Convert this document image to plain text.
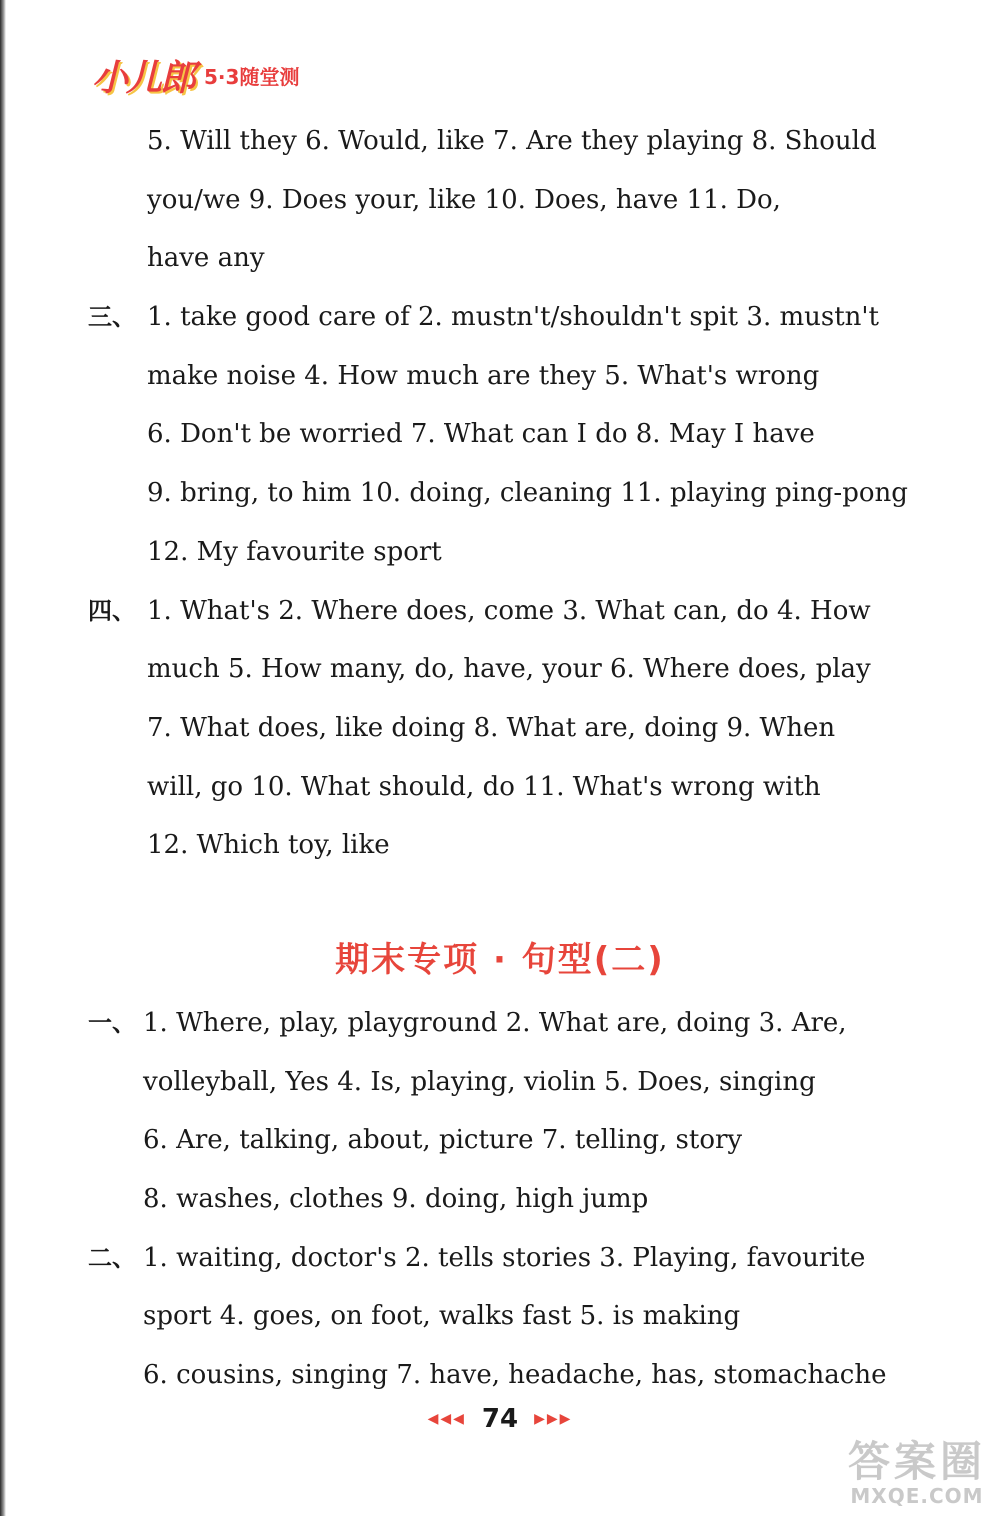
小儿郎 5·3随堂测
5. Will they 6. Would, like 7. Are they playing 8. Should
you/we 9. Does your, like 10. Does, have 11. Do,
have any
三、 1. take good care of 2. mustn't/shouldn't spit 3. mustn't
make noise 4. How much are they 5. What's wrong
6. Don't be worried 7. What can I do 8. May I have
9. bring, to him 10. doing, cleaning 11. playing ping-pong
12. My favourite sport
四、 1. What's 2. Where does, come 3. What can, do 4. How
much 5. How many, do, have, your 6. Where does, play
7. What does, like doing 8. What are, doing 9. When
will, go 10. What should, do 11. What's wrong with
12. Which toy, like
期末专项 · 句型(二)
一、 1. Where, play, playground 2. What are, doing 3. Are,
volleyball, Yes 4. Is, playing, violin 5. Does, singing
6. Are, talking, about, picture 7. telling, story
8. washes, clothes 9. doing, high jump
二、 1. waiting, doctor's 2. tells stories 3. Playing, favourite
sport 4. goes, on foot, walks fast 5. is making
6. cousins, singing 7. have, headache, has, stomachache
◀◀◀ 74 ▶▶▶
答案圈
MXQE.COM
